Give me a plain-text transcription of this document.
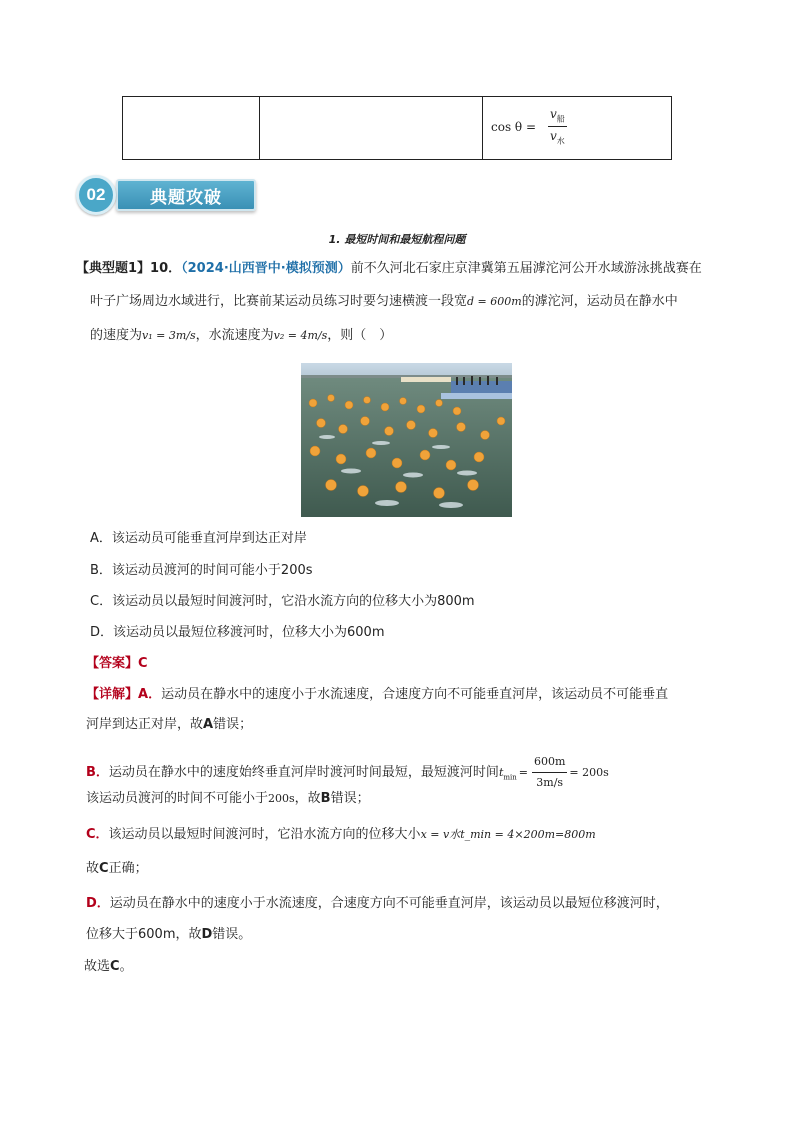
$\cos \theta = \frac{v_船}{v_水}$
典题攻破
02
1. 最短时间和最短航程问题
【典型题1】10．（2024·山西晋中·模拟预测）前不久河北石家庄京津冀第五届滹沱河公开水域游泳挑战赛在
叶子广场周边水域进行，比赛前某运动员练习时要匀速横渡一段宽d = 600m的滹沱河，运动员在静水中
的速度为v₁ = 3m/s，水流速度为v₂ = 4m/s，则（　）
A．该运动员可能垂直河岸到达正对岸
B．该运动员渡河的时间可能小于200s
C．该运动员以最短时间渡河时，它沿水流方向的位移大小为800m
D．该运动员以最短位移渡河时，位移大小为600m
【答案】C
【详解】A．运动员在静水中的速度小于水流速度，合速度方向不可能垂直河岸，该运动员不可能垂直
河岸到达正对岸，故A错误；
B．运动员在静水中的速度始终垂直河岸时渡河时间最短，最短渡河时间$t_{min} = \frac{600m}{3m/s} = 200s$
该运动员渡河的时间不可能小于200s，故B错误；
C．该运动员以最短时间渡河时，它沿水流方向的位移大小x = v水t_min = 4×200m=800m
故C正确；
D．运动员在静水中的速度小于水流速度，合速度方向不可能垂直河岸，该运动员以最短位移渡河时，
位移大于600m，故D错误。
故选C。
